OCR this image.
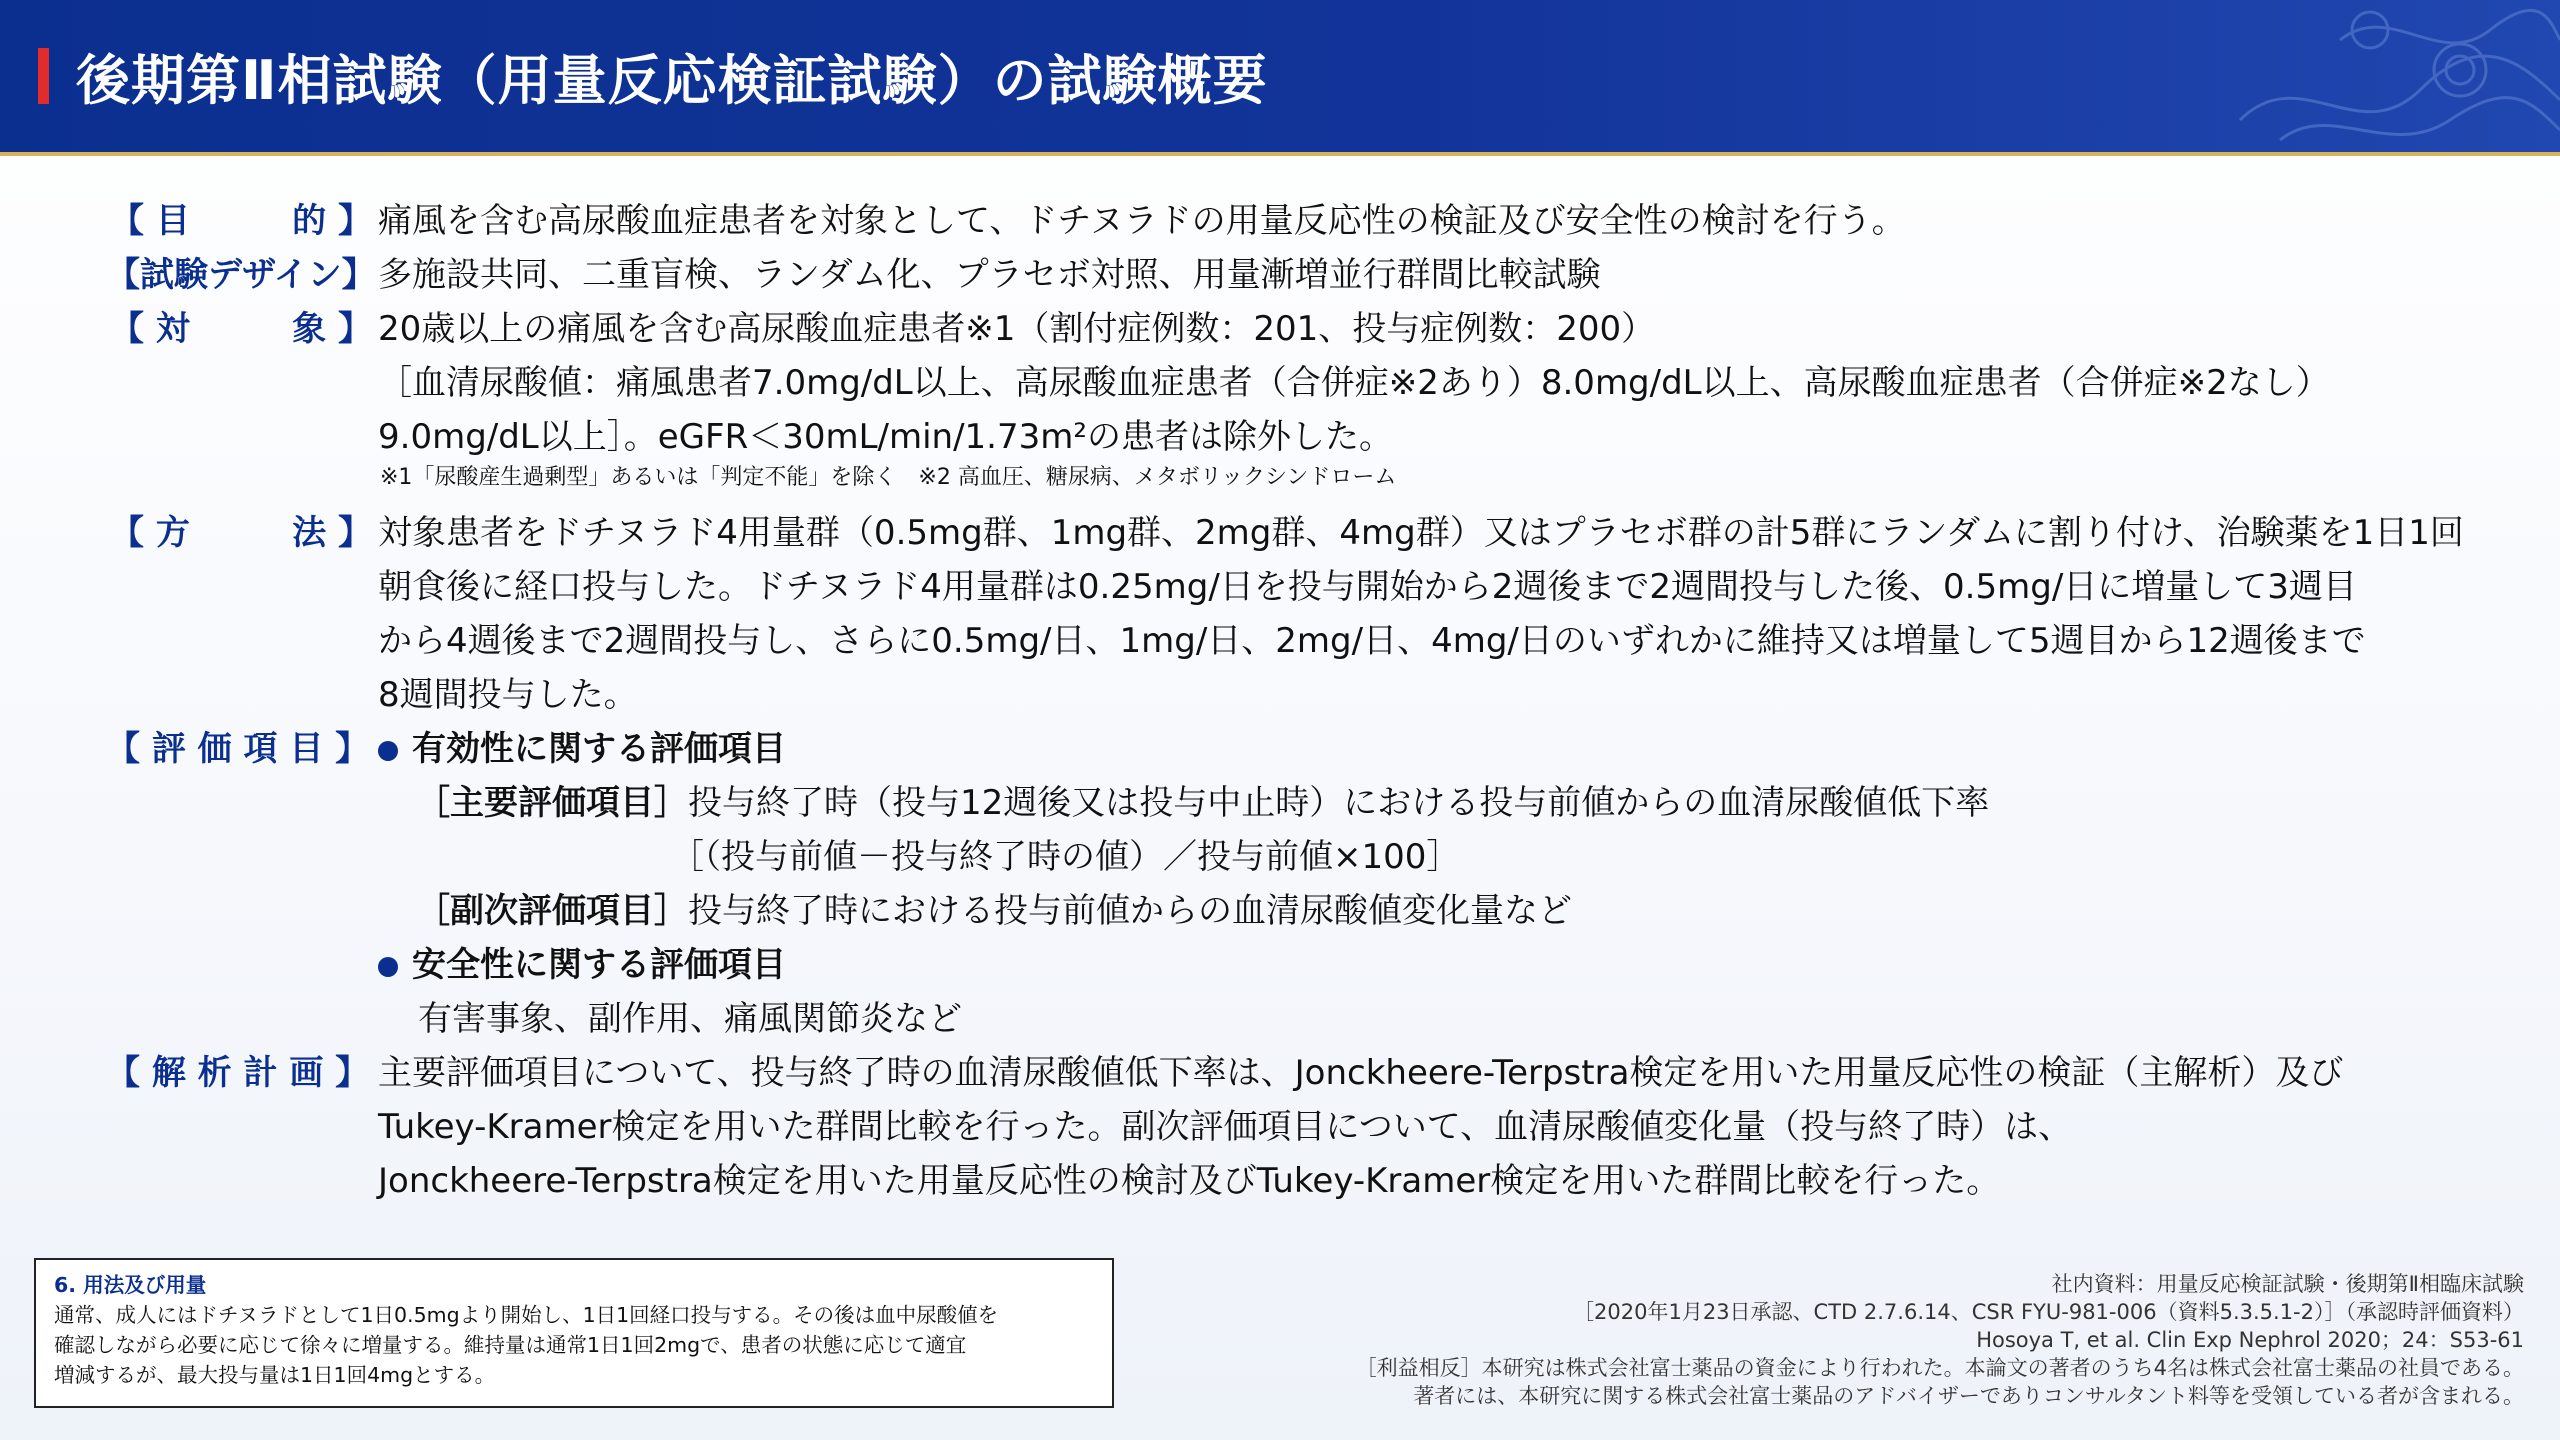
後期第Ⅱ相試験（用量反応検証試験）の試験概要
【 目	的 】 痛風を含む高尿酸血症患者を対象として、ドチヌラドの用量反応性の検証及び安全性の検討を行う。
【試験デザイン】 多施設共同、二重盲検、ランダム化、プラセボ対照、用量漸増並行群間比較試験
【 対	象 】 20歳以上の痛風を含む高尿酸血症患者※1（割付症例数：201、投与症例数：200）
［血清尿酸値：痛風患者7.0mg/dL以上、高尿酸血症患者（合併症※2あり）8.0mg/dL以上、高尿酸血症患者（合併症※2なし）
9.0mg/dL以上］。eGFR＜30mL/min/1.73m²の患者は除外した。
※1「尿酸産生過剰型」あるいは「判定不能」を除く　※2 高血圧、糖尿病、メタボリックシンドローム
【 方	法 】 対象患者をドチヌラド4用量群（0.5mg群、1mg群、2mg群、4mg群）又はプラセボ群の計5群にランダムに割り付け、治験薬を1日1回
朝食後に経口投与した。ドチヌラド4用量群は0.25mg/日を投与開始から2週後まで2週間投与した後、0.5mg/日に増量して3週目
から4週後まで2週間投与し、さらに0.5mg/日、1mg/日、2mg/日、4mg/日のいずれかに維持又は増量して5週目から12週後まで
8週間投与した。
【 評 価 項 目 】	有効性に関する評価項目
［主要評価項目］投与終了時（投与12週後又は投与中止時）における投与前値からの血清尿酸値低下率
［（投与前値－投与終了時の値）／投与前値×100］
［副次評価項目］投与終了時における投与前値からの血清尿酸値変化量など
安全性に関する評価項目
有害事象、副作用、痛風関節炎など
【 解 析 計 画 】 主要評価項目について、投与終了時の血清尿酸値低下率は、Jonckheere-Terpstra検定を用いた用量反応性の検証（主解析）及び
Tukey-Kramer検定を用いた群間比較を行った。副次評価項目について、血清尿酸値変化量（投与終了時）は、
Jonckheere-Terpstra検定を用いた用量反応性の検討及びTukey-Kramer検定を用いた群間比較を行った。
6. 用法及び用量
通常、成人にはドチヌラドとして1日0.5mgより開始し、1日1回経口投与する。その後は血中尿酸値を
確認しながら必要に応じて徐々に増量する。維持量は通常1日1回2mgで、患者の状態に応じて適宜
増減するが、最大投与量は1日1回4mgとする。
社内資料：用量反応検証試験・後期第Ⅱ相臨床試験
［2020年1月23日承認、CTD 2.7.6.14、CSR FYU-981-006（資料5.3.5.1-2）］（承認時評価資料）
Hosoya T, et al. Clin Exp Nephrol 2020；24：S53-61
［利益相反］本研究は株式会社富士薬品の資金により行われた。本論文の著者のうち4名は株式会社富士薬品の社員である。
著者には、本研究に関する株式会社富士薬品のアドバイザーでありコンサルタント料等を受領している者が含まれる。
